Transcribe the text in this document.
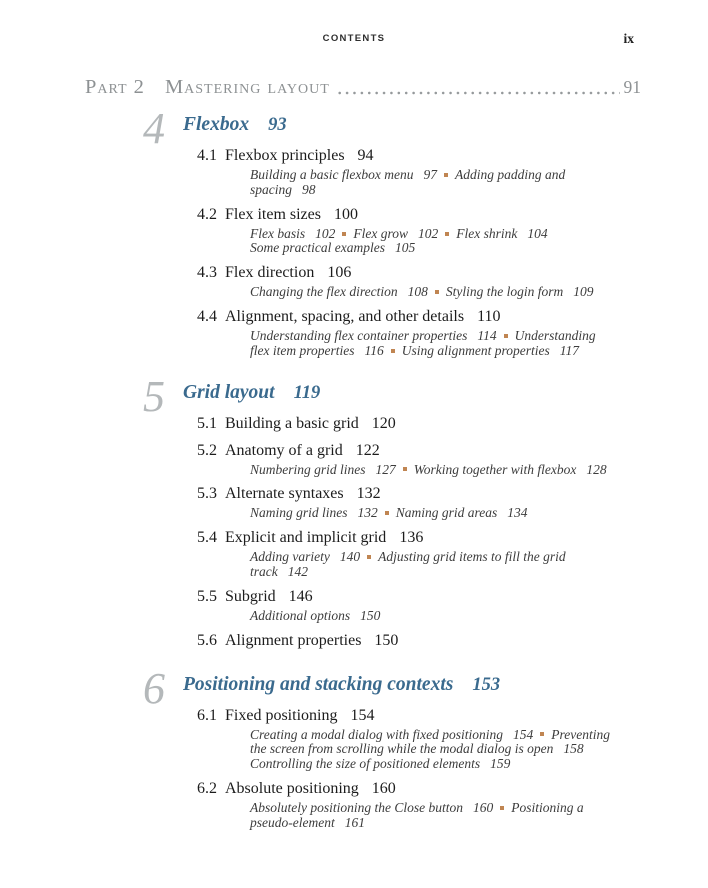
CONTENTS	ix
Part 2 Mastering layout	91
4 Flexbox 93
4.1 Flexbox principles 94
Building a basic flexbox menu 97 Adding padding and
spacing 98
4.2 Flex item sizes 100
Flex basis 102 Flex grow 102 Flex shrink 104
Some practical examples 105
4.3 Flex direction 106
Changing the flex direction 108 Styling the login form 109
4.4 Alignment, spacing, and other details 110
Understanding flex container properties 114 Understanding
flex item properties 116 Using alignment properties 117
5 Grid layout 119
5.1 Building a basic grid 120
5.2 Anatomy of a grid 122
Numbering grid lines 127 Working together with flexbox 128
5.3 Alternate syntaxes 132
Naming grid lines 132 Naming grid areas 134
5.4 Explicit and implicit grid 136
Adding variety 140 Adjusting grid items to fill the grid
track 142
5.5 Subgrid 146
Additional options 150
5.6 Alignment properties 150
6 Positioning and stacking contexts 153
6.1 Fixed positioning 154
Creating a modal dialog with fixed positioning 154 Preventing
the screen from scrolling while the modal dialog is open 158
Controlling the size of positioned elements 159
6.2 Absolute positioning 160
Absolutely positioning the Close button 160 Positioning a
pseudo-element 161
